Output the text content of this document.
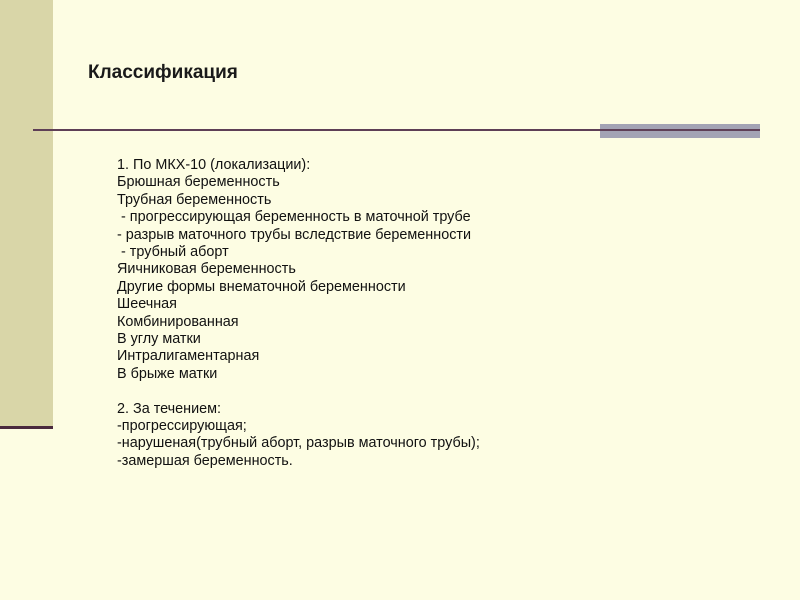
Классификация
1. По МКХ-10 (локализации):
Брюшная беременность
Трубная беременность
- прогрессирующая беременность в маточной трубе
- разрыв маточного трубы вследствие беременности
- трубный аборт
Яичниковая беременность
Другие формы внематочной беременности
Шеечная
Комбинированная
В углу матки
Интралигаментарная
В брыже матки
2. За течением:
-прогрессирующая;
-нарушеная(трубный аборт, разрыв маточного трубы);
-замершая беременность.
